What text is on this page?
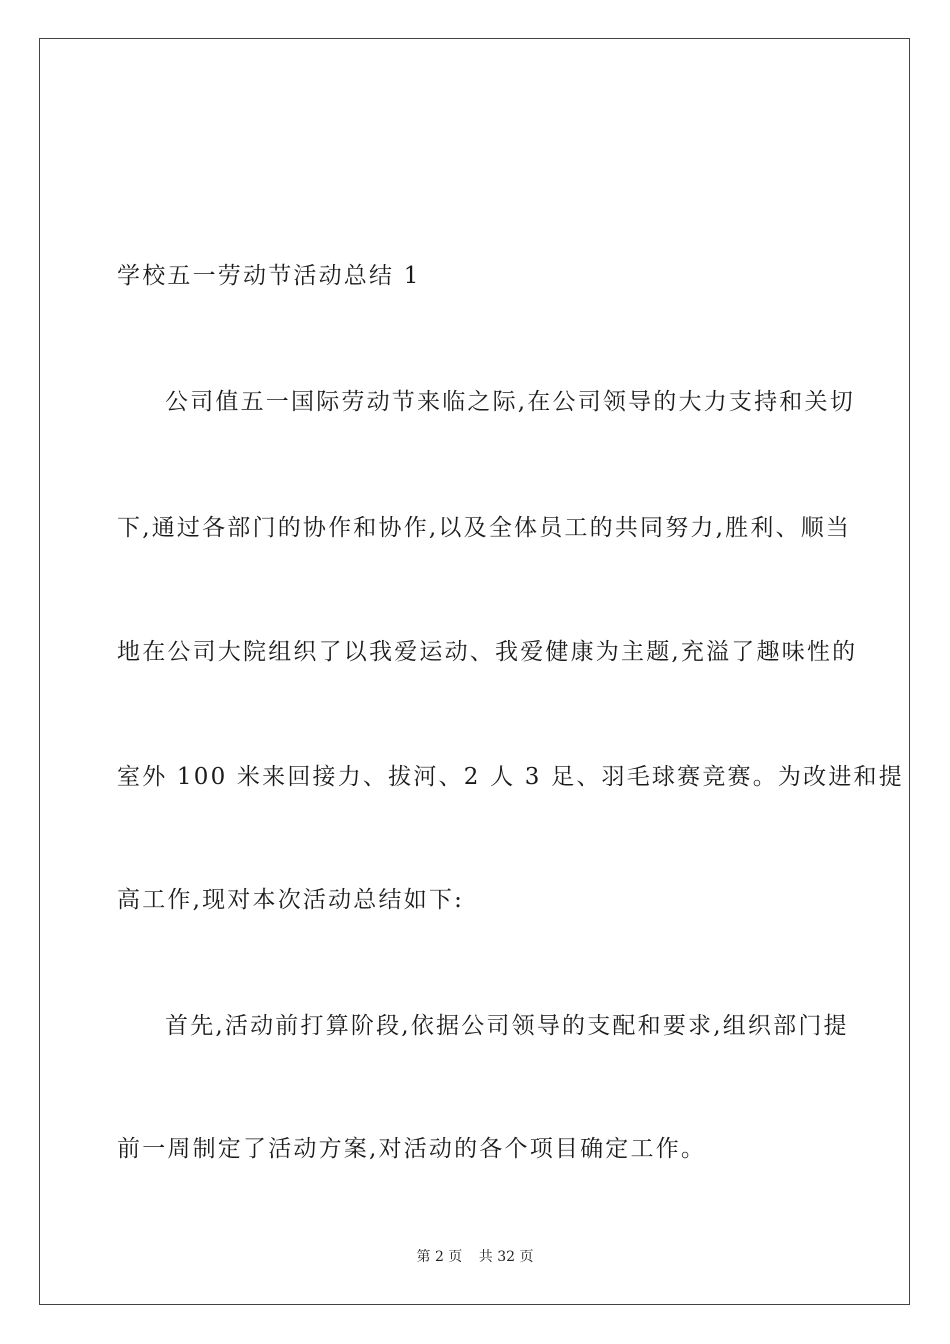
学校五一劳动节活动总结 1
公司值五一国际劳动节来临之际,在公司领导的大力支持和关切
下,通过各部门的协作和协作,以及全体员工的共同努力,胜利、顺当
地在公司大院组织了以我爱运动、我爱健康为主题,充溢了趣味性的
室外 100 米来回接力、拔河、2 人 3 足、羽毛球赛竞赛。为改进和提
高工作,现对本次活动总结如下:
首先,活动前打算阶段,依据公司领导的支配和要求,组织部门提
前一周制定了活动方案,对活动的各个项目确定工作。
第 2 页 共 32 页
